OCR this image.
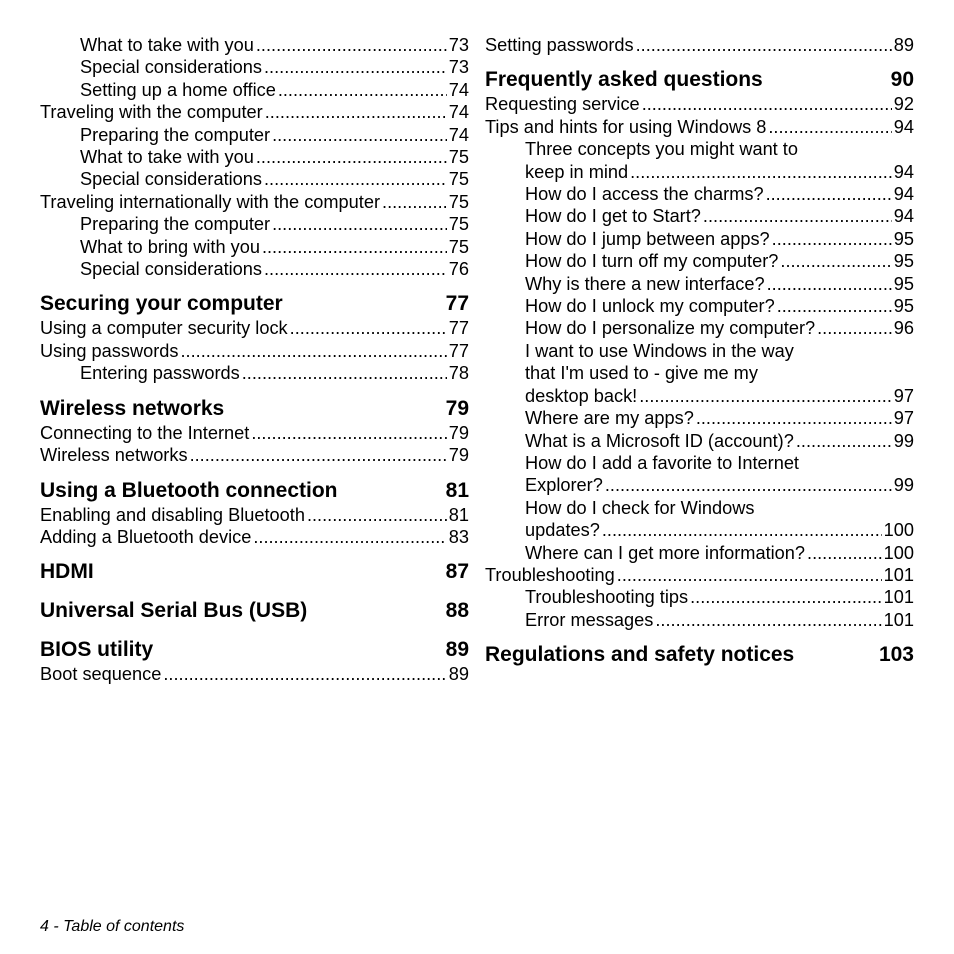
What to take with you .....	73
Special considerations .....	73
Setting up a home office .....	74
Traveling with the computer .....	74
Preparing the computer .....	74
What to take with you .....	75
Special considerations .....	75
Traveling internationally with the computer .....	75
Preparing the computer .....	75
What to bring with you .....	75
Special considerations .....	76
Securing your computer	77
Using a computer security lock .....	77
Using passwords .....	77
Entering passwords .....	78
Wireless networks	79
Connecting to the Internet .....	79
Wireless networks .....	79
Using a Bluetooth connection	81
Enabling and disabling Bluetooth .....	81
Adding a Bluetooth device .....	83
HDMI	87
Universal Serial Bus (USB)	88
BIOS utility	89
Boot sequence .....	89
Setting passwords .....	89
Frequently asked questions	90
Requesting service .....	92
Tips and hints for using Windows 8 .....	94
Three concepts you might want to
keep in mind .....	94
How do I access the charms? .....	94
How do I get to Start? .....	94
How do I jump between apps? .....	95
How do I turn off my computer? .....	95
Why is there a new interface? .....	95
How do I unlock my computer? .....	95
How do I personalize my computer? .....	96
I want to use Windows in the way
that I'm used to - give me my
desktop back! .....	97
Where are my apps? .....	97
What is a Microsoft ID (account)? .....	99
How do I add a favorite to Internet
Explorer? .....	99
How do I check for Windows
updates? .....	100
Where can I get more information? .....	100
Troubleshooting .....	101
Troubleshooting tips .....	101
Error messages .....	101
Regulations and safety notices	103
4 - Table of contents
